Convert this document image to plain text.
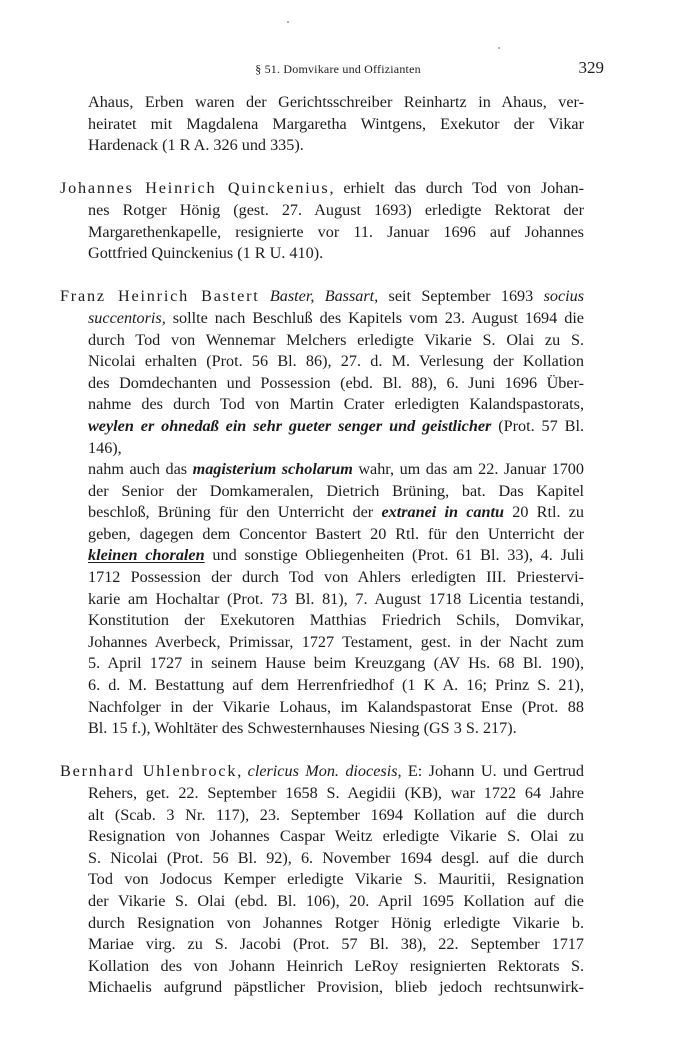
§ 51. Domvikare und Offizianten	329
Ahaus, Erben waren der Gerichtsschreiber Reinhartz in Ahaus, ver-
heiratet mit Magdalena Margaretha Wintgens, Exekutor der Vikar
Hardenack (1 R A. 326 und 335).
Johannes Heinrich Quinckenius, erhielt das durch Tod von Johan-
nes Rotger Hönig (gest. 27. August 1693) erledigte Rektorat der
Margarethenkapelle, resignierte vor 11. Januar 1696 auf Johannes
Gottfried Quinckenius (1 R U. 410).
Franz Heinrich Bastert Baster, Bassart, seit September 1693 socius
succentoris, sollte nach Beschluß des Kapitels vom 23. August 1694 die
durch Tod von Wennemar Melchers erledigte Vikarie S. Olai zu S.
Nicolai erhalten (Prot. 56 Bl. 86), 27. d. M. Verlesung der Kollation
des Domdechanten und Possession (ebd. Bl. 88), 6. Juni 1696 Über-
nahme des durch Tod von Martin Crater erledigten Kalandspastorats,
weylen er ohnedaß ein sehr gueter senger und geistlicher (Prot. 57 Bl. 146),
nahm auch das magisterium scholarum wahr, um das am 22. Januar 1700
der Senior der Domkameralen, Dietrich Brüning, bat. Das Kapitel
beschloß, Brüning für den Unterricht der extranei in cantu 20 Rtl. zu
geben, dagegen dem Concentor Bastert 20 Rtl. für den Unterricht der
kleinen choralen und sonstige Obliegenheiten (Prot. 61 Bl. 33), 4. Juli
1712 Possession der durch Tod von Ahlers erledigten III. Priestervi-
karie am Hochaltar (Prot. 73 Bl. 81), 7. August 1718 Licentia testandi,
Konstitution der Exekutoren Matthias Friedrich Schils, Domvikar,
Johannes Averbeck, Primissar, 1727 Testament, gest. in der Nacht zum
5. April 1727 in seinem Hause beim Kreuzgang (AV Hs. 68 Bl. 190),
6. d. M. Bestattung auf dem Herrenfriedhof (1 K A. 16; Prinz S. 21),
Nachfolger in der Vikarie Lohaus, im Kalandspastorat Ense (Prot. 88
Bl. 15 f.), Wohltäter des Schwesternhauses Niesing (GS 3 S. 217).
Bernhard Uhlenbrock, clericus Mon. diocesis, E: Johann U. und Gertrud
Rehers, get. 22. September 1658 S. Aegidii (KB), war 1722 64 Jahre
alt (Scab. 3 Nr. 117), 23. September 1694 Kollation auf die durch
Resignation von Johannes Caspar Weitz erledigte Vikarie S. Olai zu
S. Nicolai (Prot. 56 Bl. 92), 6. November 1694 desgl. auf die durch
Tod von Jodocus Kemper erledigte Vikarie S. Mauritii, Resignation
der Vikarie S. Olai (ebd. Bl. 106), 20. April 1695 Kollation auf die
durch Resignation von Johannes Rotger Hönig erledigte Vikarie b.
Mariae virg. zu S. Jacobi (Prot. 57 Bl. 38), 22. September 1717
Kollation des von Johann Heinrich LeRoy resignierten Rektorats S.
Michaelis aufgrund päpstlicher Provision, blieb jedoch rechtsunwirk-
